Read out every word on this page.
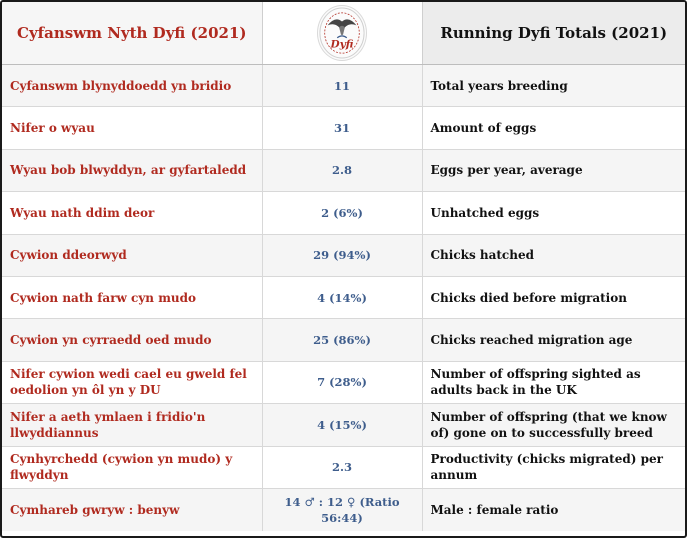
Cyfanswm Nyth Dyfi (2021)	Dyfi	Running Dyfi Totals (2021)
Cyfanswm blynyddoedd yn bridio	11	Total years breeding
Nifer o wyau	31	Amount of eggs
Wyau bob blwyddyn, ar gyfartaledd	2.8	Eggs per year, average
Wyau nath ddim deor	2 (6%)	Unhatched eggs
Cywion ddeorwyd	29 (94%)	Chicks hatched
Cywion nath farw cyn mudo	4 (14%)	Chicks died before migration
Cywion yn cyrraedd oed mudo	25 (86%)	Chicks reached migration age
Nifer cywion wedi cael eu gweld fel oedolion yn ôl yn y DU	7 (28%)	Number of offspring sighted as adults back in the UK
Nifer a aeth ymlaen i fridio'n llwyddiannus	4 (15%)	Number of offspring (that we know of) gone on to successfully breed
Cynhyrchedd (cywion yn mudo) y flwyddyn	2.3	Productivity (chicks migrated) per annum
Cymhareb gwryw : benyw	14 ♂ : 12 ♀ (Ratio 56:44)	Male : female ratio
